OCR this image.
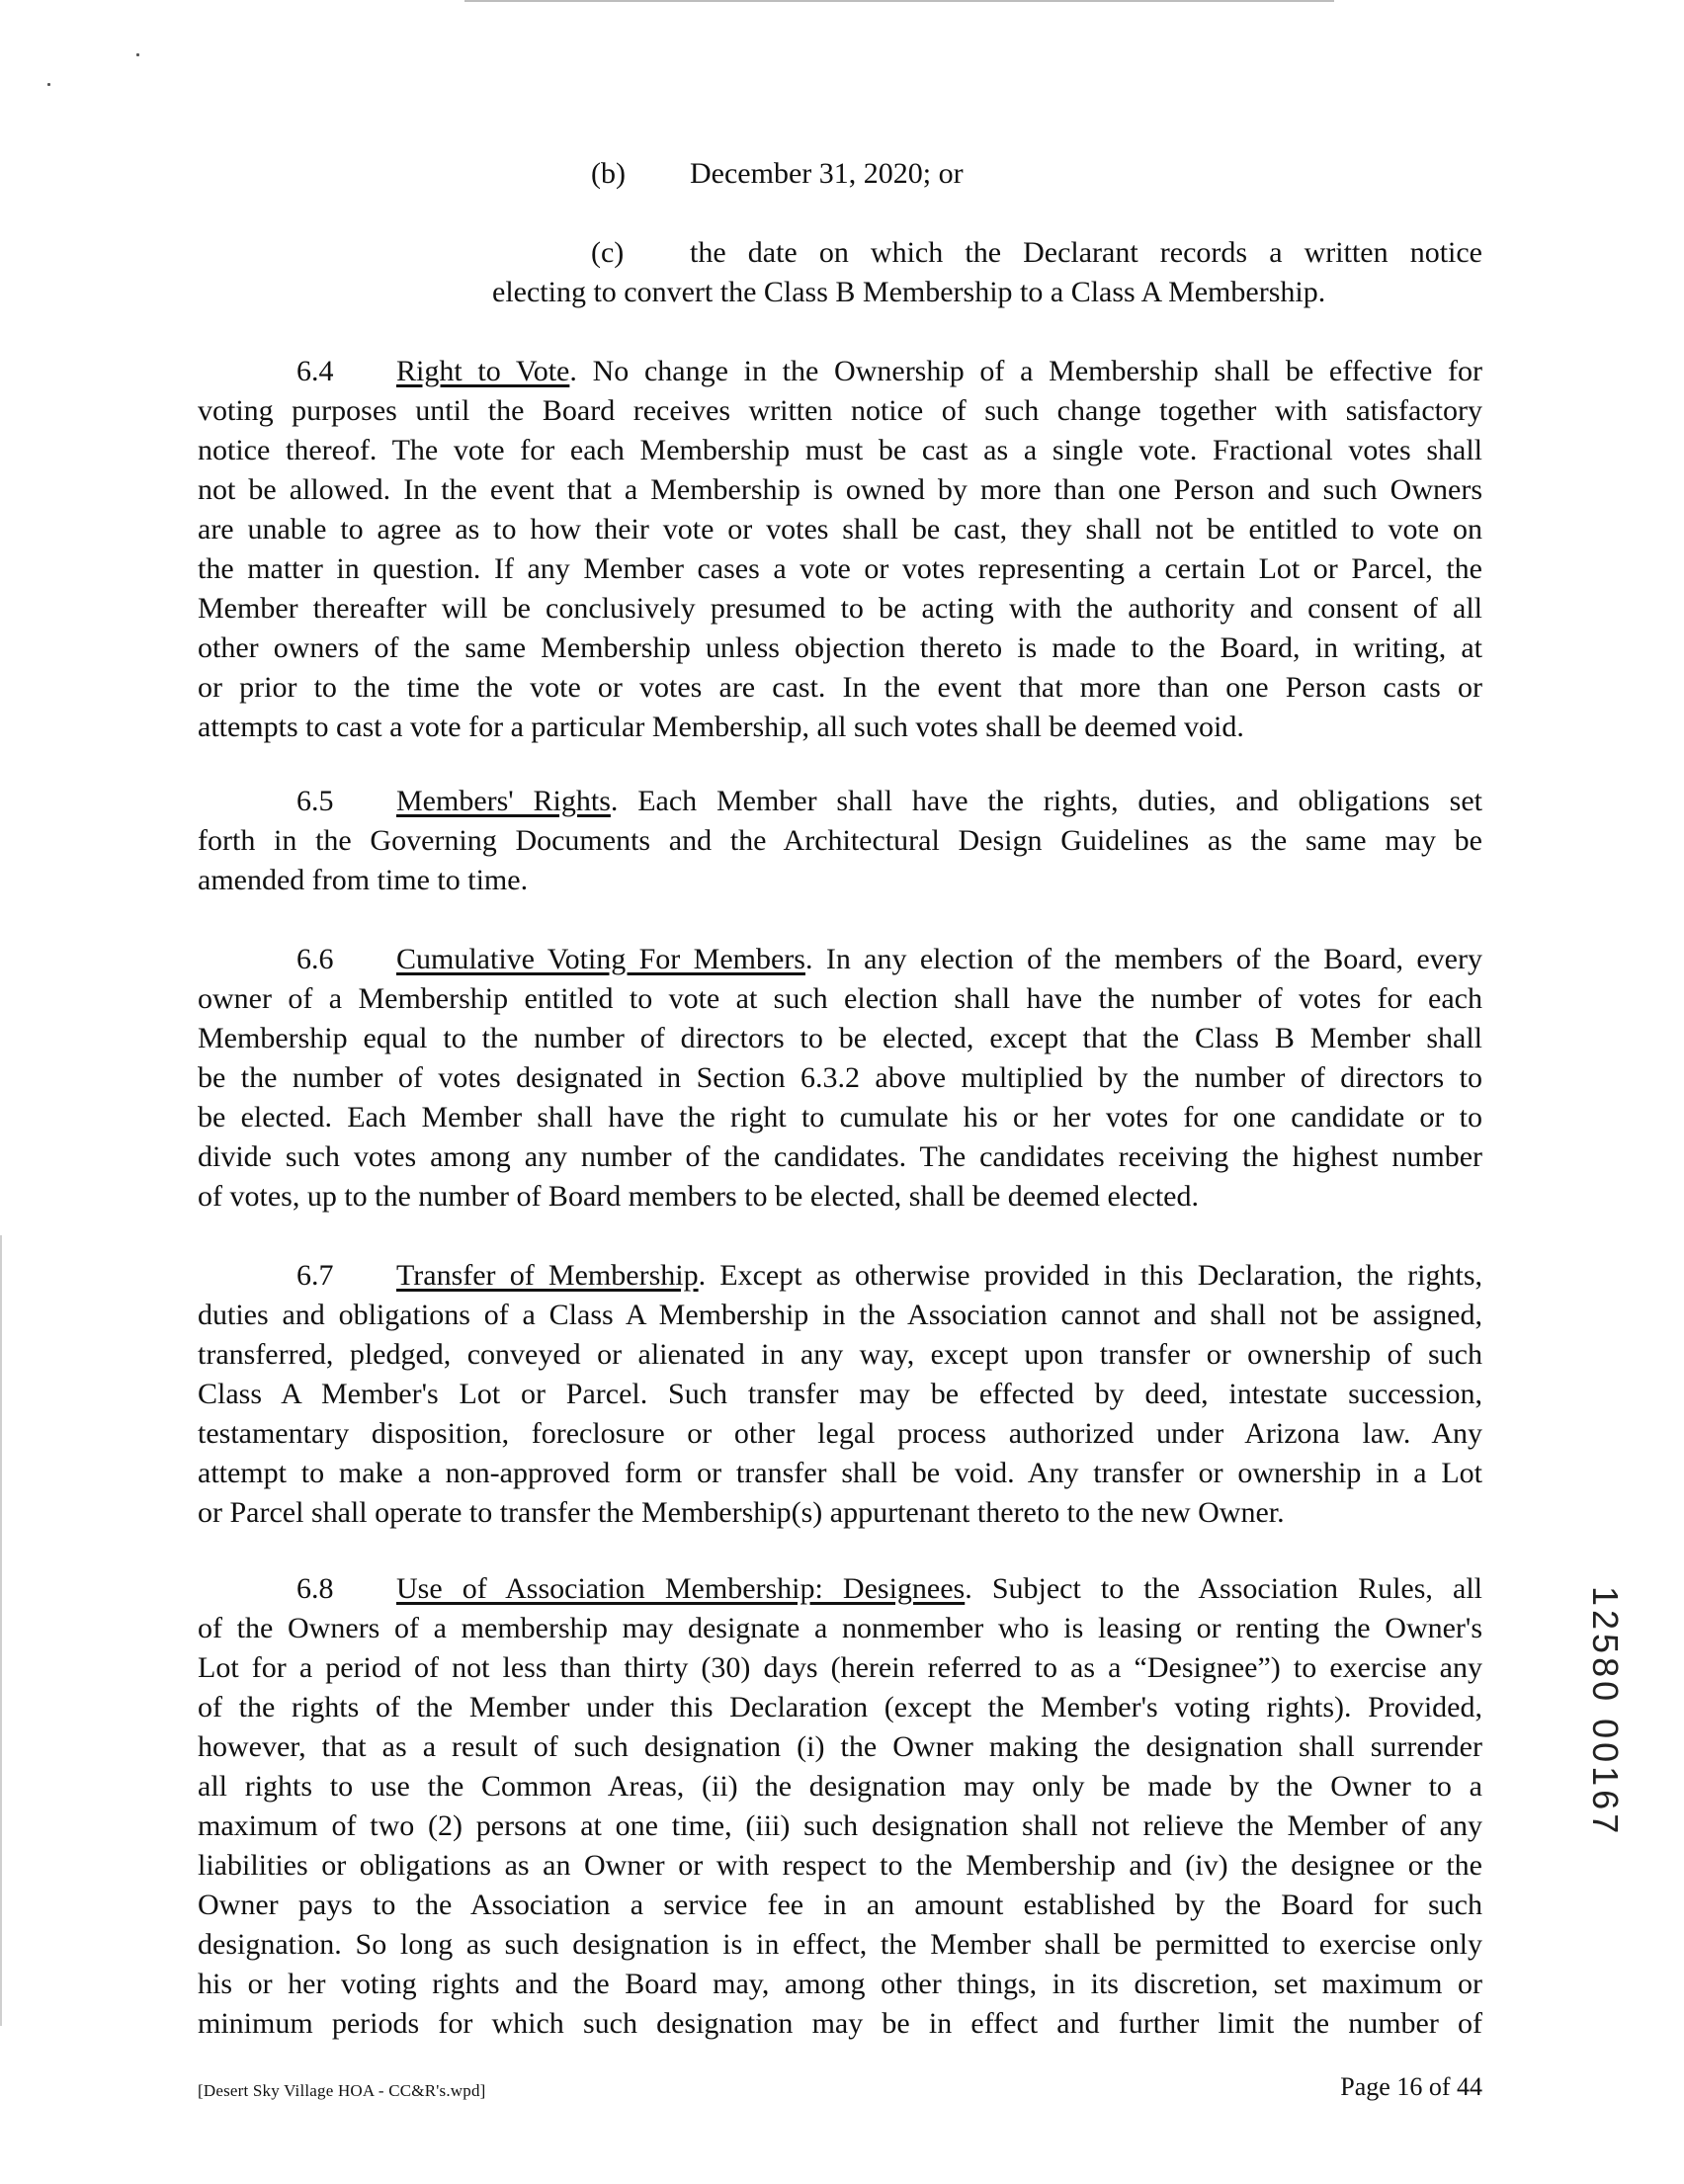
(b) December 31, 2020; or
(c) the date on which the Declarant records a written notice

electing to convert the Class B Membership to a Class A Membership.

6.4 Right to Vote. No change in the Ownership of a Membership shall be effective for

voting purposes until the Board receives written notice of such change together with satisfactory

notice thereof. The vote for each Membership must be cast as a single vote. Fractional votes shall

not be allowed. In the event that a Membership is owned by more than one Person and such Owners

are unable to agree as to how their vote or votes shall be cast, they shall not be entitled to vote on

the matter in question. If any Member cases a vote or votes representing a certain Lot or Parcel, the

Member thereafter will be conclusively presumed to be acting with the authority and consent of all

other owners of the same Membership unless objection thereto is made to the Board, in writing, at

or prior to the time the vote or votes are cast. In the event that more than one Person casts or

attempts to cast a vote for a particular Membership, all such votes shall be deemed void.

6.5 Members' Rights. Each Member shall have the rights, duties, and obligations set

forth in the Governing Documents and the Architectural Design Guidelines as the same may be

amended from time to time.

6.6 Cumulative Voting For Members. In any election of the members of the Board, every

owner of a Membership entitled to vote at such election shall have the number of votes for each

Membership equal to the number of directors to be elected, except that the Class B Member shall

be the number of votes designated in Section 6.3.2 above multiplied by the number of directors to

be elected. Each Member shall have the right to cumulate his or her votes for one candidate or to

divide such votes among any number of the candidates. The candidates receiving the highest number

of votes, up to the number of Board members to be elected, shall be deemed elected.

6.7 Transfer of Membership. Except as otherwise provided in this Declaration, the rights,

duties and obligations of a Class A Membership in the Association cannot and shall not be assigned,

transferred, pledged, conveyed or alienated in any way, except upon transfer or ownership of such

Class A Member's Lot or Parcel. Such transfer may be effected by deed, intestate succession,

testamentary disposition, foreclosure or other legal process authorized under Arizona law. Any

attempt to make a non-approved form or transfer shall be void. Any transfer or ownership in a Lot

or Parcel shall operate to transfer the Membership(s) appurtenant thereto to the new Owner.

6.8 Use of Association Membership: Designees. Subject to the Association Rules, all

of the Owners of a membership may designate a nonmember who is leasing or renting the Owner's

Lot for a period of not less than thirty (30) days (herein referred to as a “Designee”) to exercise any

of the rights of the Member under this Declaration (except the Member's voting rights). Provided,

however, that as a result of such designation (i) the Owner making the designation shall surrender

all rights to use the Common Areas, (ii) the designation may only be made by the Owner to a

maximum of two (2) persons at one time, (iii) such designation shall not relieve the Member of any

liabilities or obligations as an Owner or with respect to the Membership and (iv) the designee or the

Owner pays to the Association a service fee in an amount established by the Board for such

designation. So long as such designation is in effect, the Member shall be permitted to exercise only

his or her voting rights and the Board may, among other things, in its discretion, set maximum or

minimum periods for which such designation may be in effect and further limit the number of

12580 00167
[Desert Sky Village HOA - CC&R's.wpd]	Page 16 of 44
